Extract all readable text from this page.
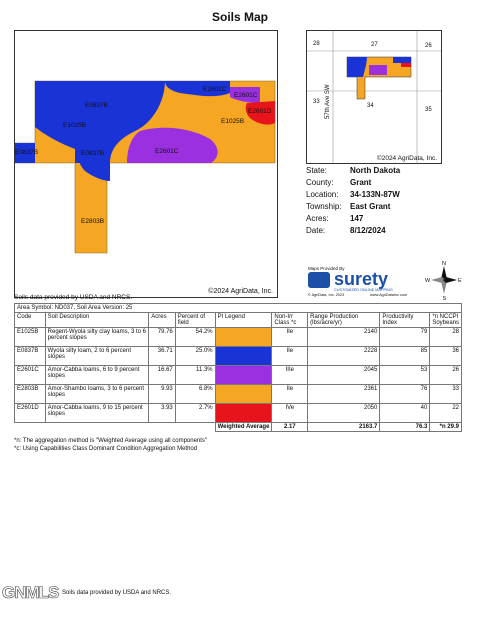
Soils Map
E2601C
E0837B
E2601C
E2601D
E1025B
E1025B
E0837B	E0837B	E2601C
E2803B
©2024 AgriData, Inc.
28	27	26
33
34
35
57th Ave SW
©2024 AgriData, Inc.
State:	North Dakota
County:	Grant
Location:	34-133N-87W
Township:	East Grant
Acres:	147
Date:	8/12/2024
Maps Provided By
surety
CUSTOMIZED ONLINE MAPPING
© AgriData, Inc. 2023	www.AgriDataInc.com
N
S
W	E
Soils data provided by USDA and NRCS.
Area Symbol: ND037, Soil Area Version: 25								
Code	Soil Description	Acres	Percent of field	PI Legend	Non-Irr Class *c	Range Production (lbs/acre/yr)	Productivity Index	*n NCCPI Soybeans
E1025B	Regent-Wyola silty clay loams, 3 to 6 percent slopes	79.76	54.2%		IIe	2140	79	28
E0837B	Wyola silty loam, 2 to 6 percent slopes	36.71	25.0%		IIe	2228	85	36
E2601C	Amor-Cabba loams, 6 to 9 percent slopes	16.67	11.3%		IIIe	2045	53	26
E2803B	Amor-Shambo loams, 3 to 6 percent slopes	9.93	6.8%		IIe	2361	76	33
E2601D	Amor-Cabba loams, 9 to 15 percent slopes	3.93	2.7%		IVe	2050	40	22
				Weighted Average	2.17	2163.7	76.3	*n 29.9
*n: The aggregation method is "Weighted Average using all components"
*c: Using Capabilities Class Dominant Condition Aggregation Method
GNMLS Soils data provided by USDA and NRCS.
